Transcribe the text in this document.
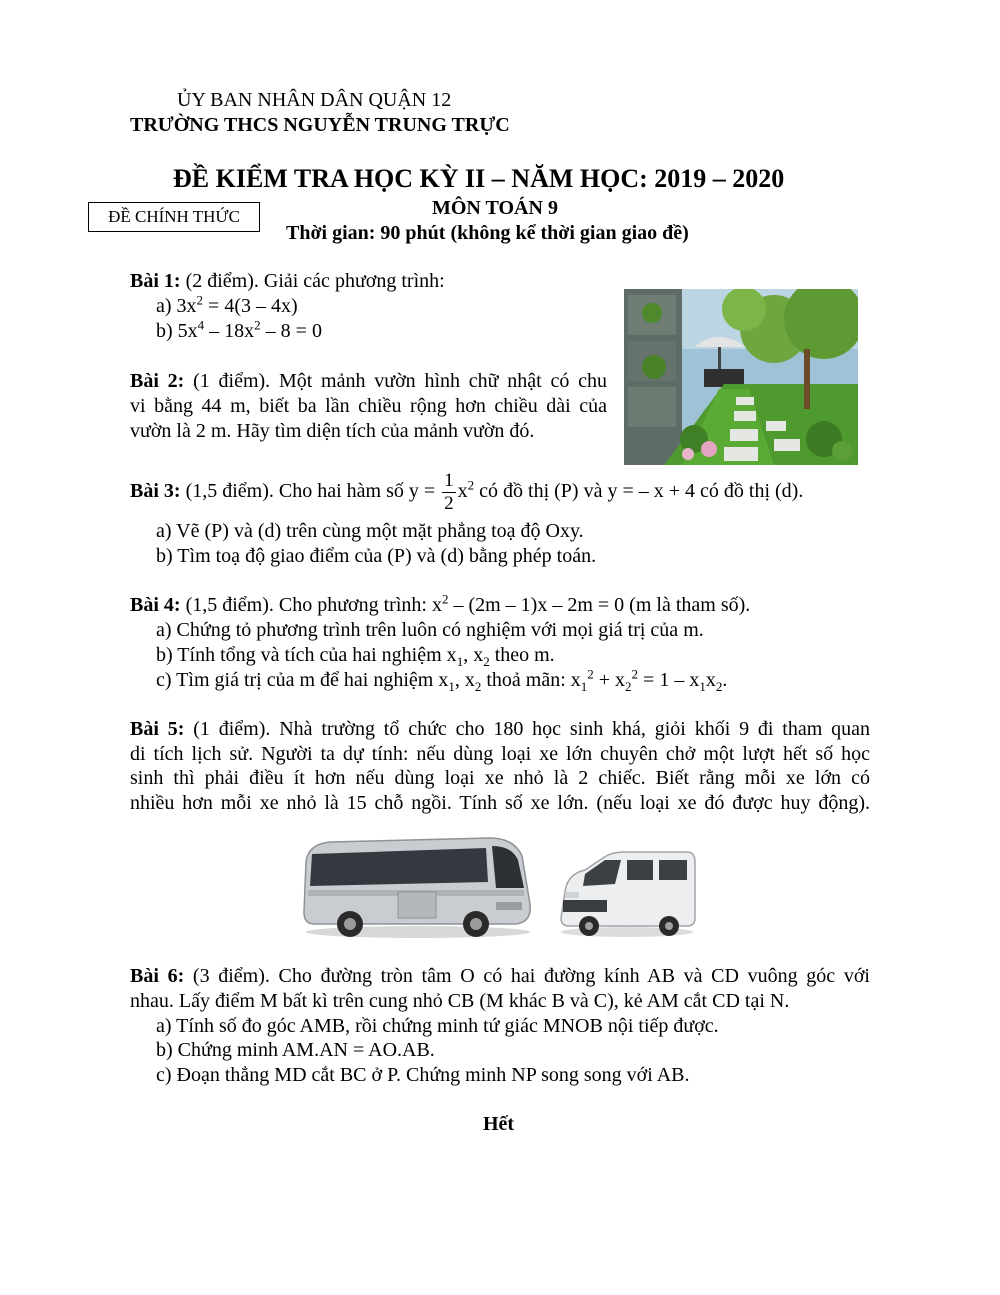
ỦY BAN NHÂN DÂN QUẬN 12
TRƯỜNG THCS NGUYỄN TRUNG TRỰC
ĐỀ KIỂM TRA HỌC KỲ II – NĂM HỌC: 2019 – 2020
MÔN TOÁN 9
ĐỀ CHÍNH THỨC
Thời gian: 90 phút (không kể thời gian giao đề)
Bài 1: (2 điểm). Giải các phương trình:
a) $3x^2 = 4(3 - 4x)$
b) $5x^4 - 18x^2 - 8 = 0$
Bài 2: (1 điểm). Một mảnh vườn hình chữ nhật có chu
vi bằng 44 m, biết ba lần chiều rộng hơn chiều dài của
vườn là 2 m. Hãy tìm diện tích của mảnh vườn đó.
Bài 3: (1,5 điểm). Cho hai hàm số $y = \frac{1}{2} x^2$ có đồ thị (P) và y = – x + 4 có đồ thị (d).
a) Vẽ (P) và (d) trên cùng một mặt phẳng toạ độ Oxy.
b) Tìm toạ độ giao điểm của (P) và (d) bằng phép toán.
Bài 4: (1,5 điểm). Cho phương trình: $x^2 - (2m - 1)x - 2m = 0$ (m là tham số).
a) Chứng tỏ phương trình trên luôn có nghiệm với mọi giá trị của m.
b) Tính tổng và tích của hai nghiệm $x_1$, $x_2$ theo m.
c) Tìm giá trị của m để hai nghiệm $x_1$, $x_2$ thoả mãn: $x_1^2 + x_2^2 = 1 - x_1x_2$.
Bài 5: (1 điểm). Nhà trường tổ chức cho 180 học sinh khá, giỏi khối 9 đi tham quan
di tích lịch sử. Người ta dự tính: nếu dùng loại xe lớn chuyên chở một lượt hết số học
sinh thì phải điều ít hơn nếu dùng loại xe nhỏ là 2 chiếc. Biết rằng mỗi xe lớn có
nhiều hơn mỗi xe nhỏ là 15 chỗ ngồi. Tính số xe lớn. (nếu loại xe đó được huy động).
Bài 6: (3 điểm). Cho đường tròn tâm O có hai đường kính AB và CD vuông góc với
nhau. Lấy điểm M bất kì trên cung nhỏ CB (M khác B và C), kẻ AM cắt CD tại N.
a) Tính số đo góc AMB, rồi chứng minh tứ giác MNOB nội tiếp được.
b) Chứng minh AM.AN = AO.AB.
c) Đoạn thẳng MD cắt BC ở P. Chứng minh NP song song với AB.
Hết
